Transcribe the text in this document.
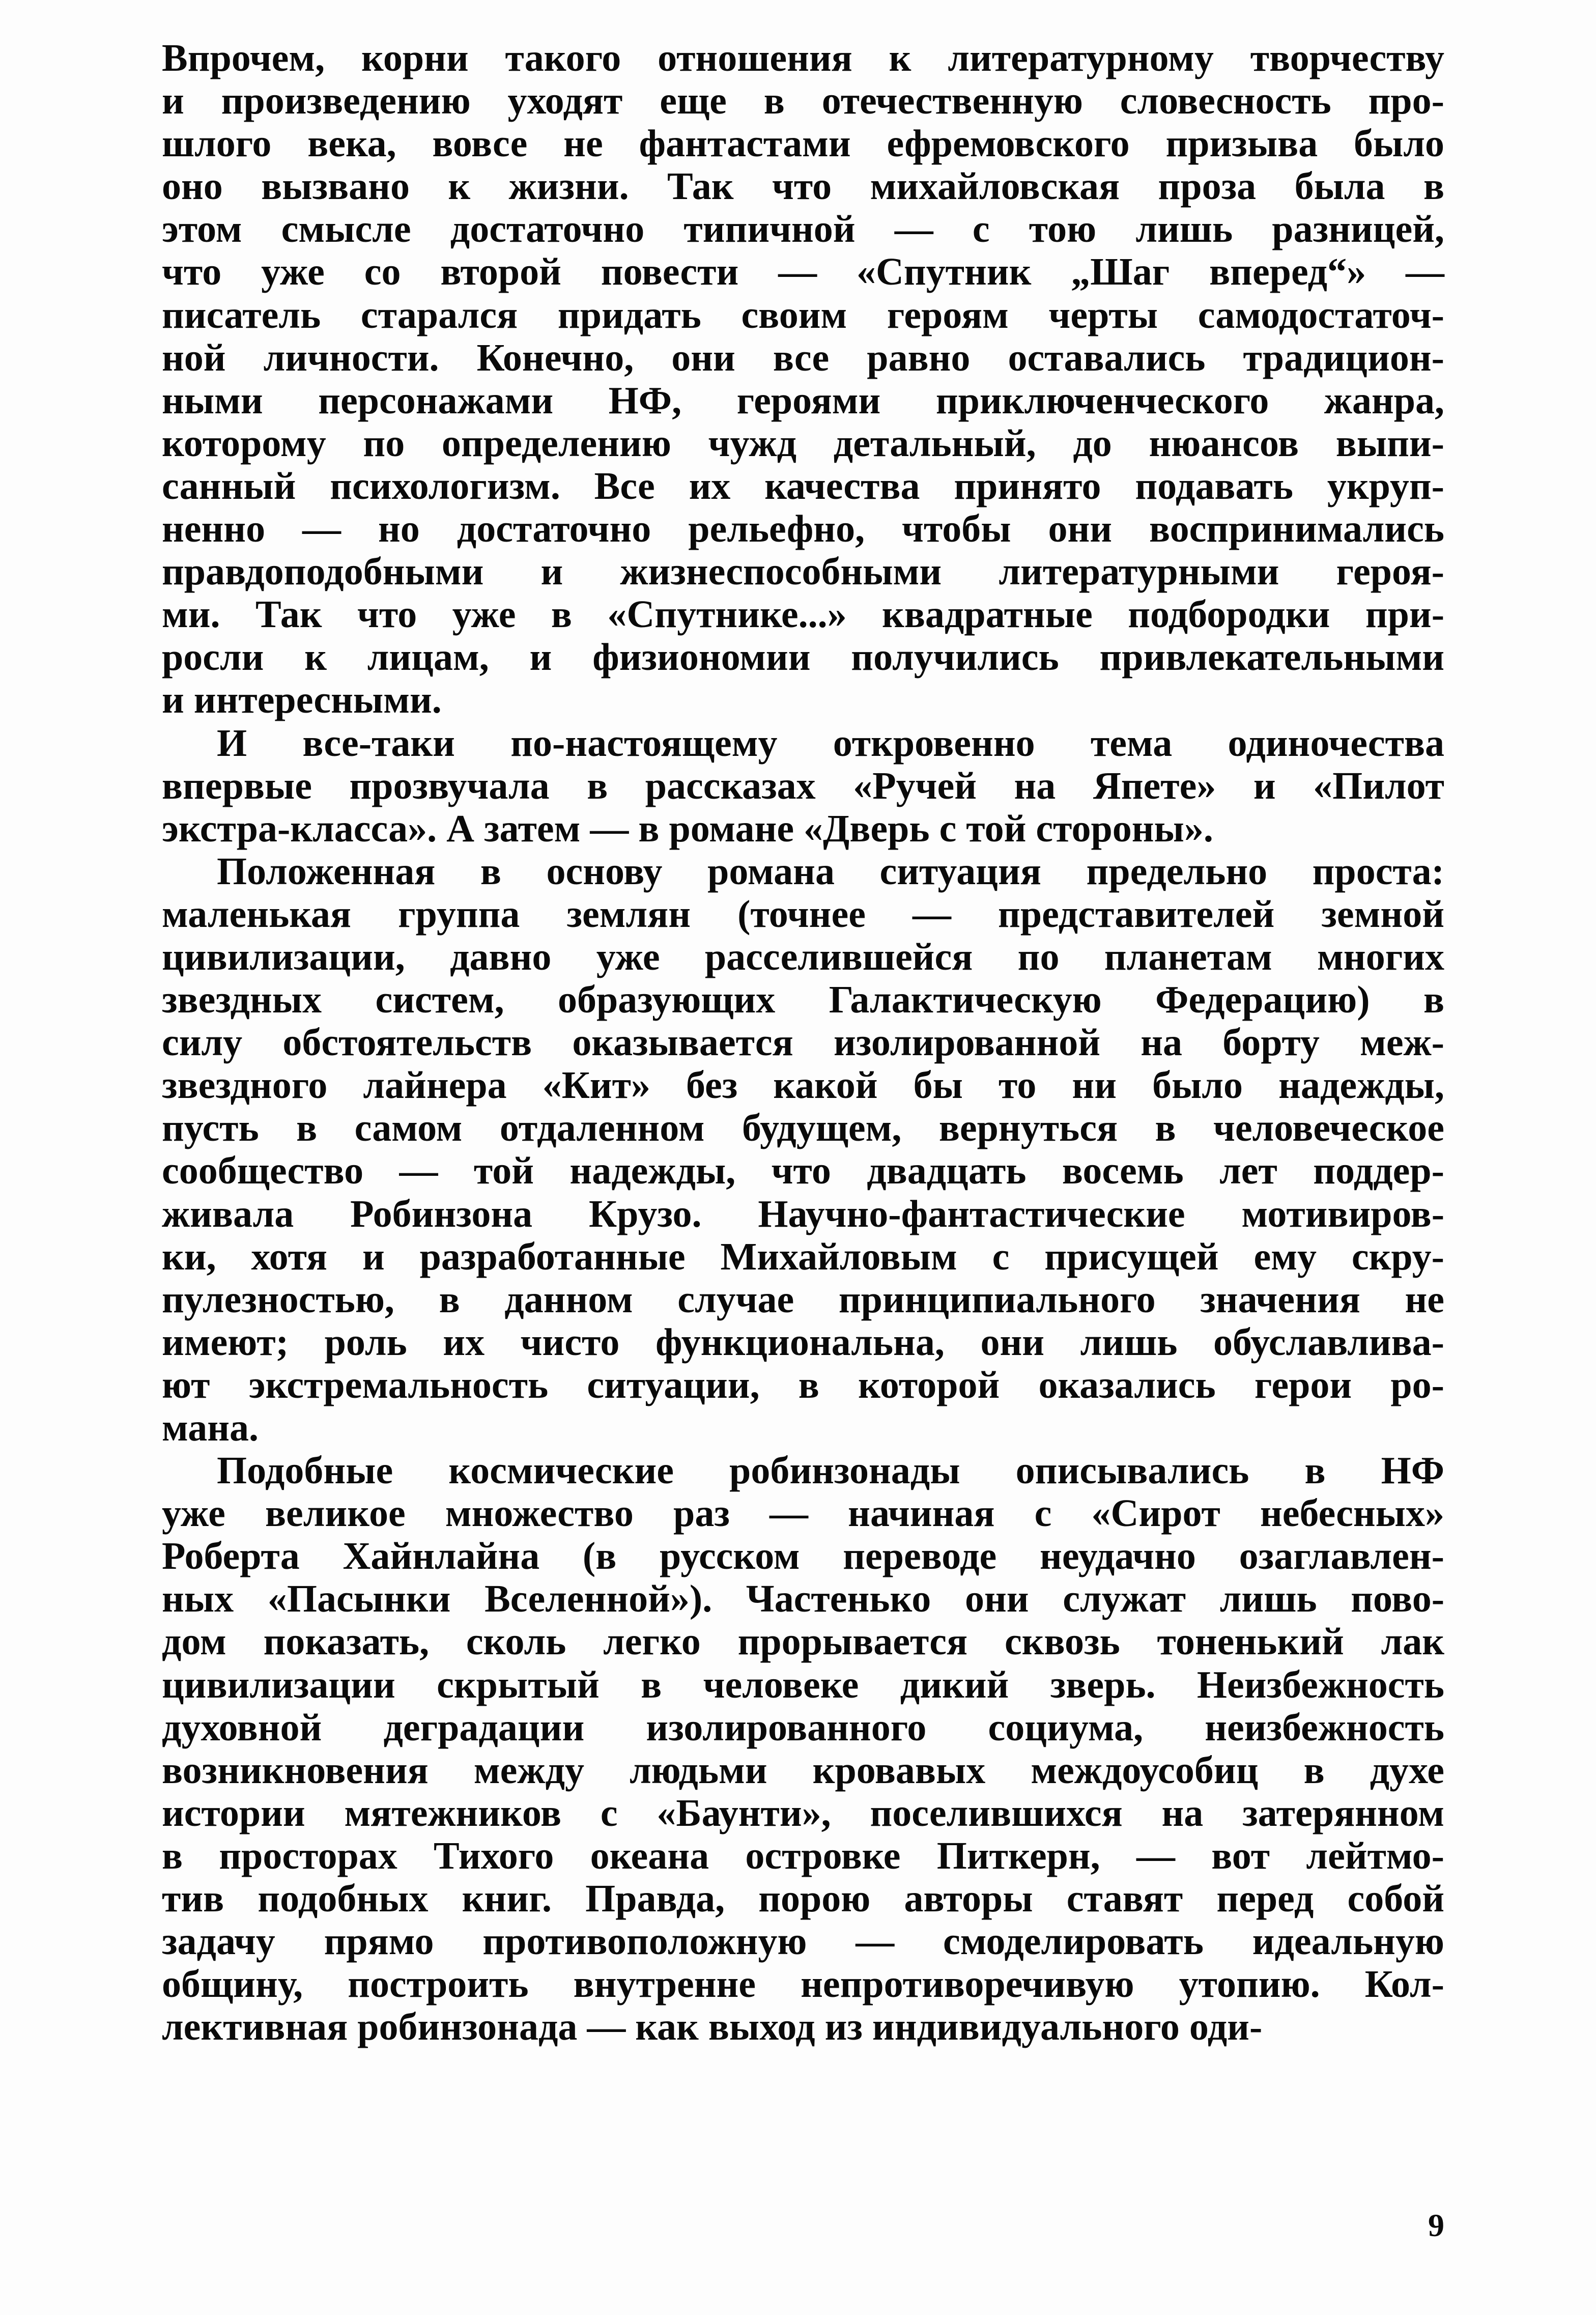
Впрочем, корни такого отношения к литературному творчеству
и произведению уходят еще в отечественную словесность про-
шлого века, вовсе не фантастами ефремовского призыва было
оно вызвано к жизни. Так что михайловская проза была в
этом смысле достаточно типичной — с тою лишь разницей,
что уже со второй повести — «Спутник „Шаг вперед“» —
писатель старался придать своим героям черты самодостаточ-
ной личности. Конечно, они все равно оставались традицион-
ными персонажами НФ, героями приключенческого жанра,
которому по определению чужд детальный, до нюансов выпи-
санный психологизм. Все их качества принято подавать укруп-
ненно — но достаточно рельефно, чтобы они воспринимались
правдоподобными и жизнеспособными литературными героя-
ми. Так что уже в «Спутнике...» квадратные подбородки при-
росли к лицам, и физиономии получились привлекательными
и интересными.
И все-таки по-настоящему откровенно тема одиночества
впервые прозвучала в рассказах «Ручей на Япете» и «Пилот
экстра-класса». А затем — в романе «Дверь с той стороны».
Положенная в основу романа ситуация предельно проста:
маленькая группа землян (точнее — представителей земной
цивилизации, давно уже расселившейся по планетам многих
звездных систем, образующих Галактическую Федерацию) в
силу обстоятельств оказывается изолированной на борту меж-
звездного лайнера «Кит» без какой бы то ни было надежды,
пусть в самом отдаленном будущем, вернуться в человеческое
сообщество — той надежды, что двадцать восемь лет поддер-
живала Робинзона Крузо. Научно-фантастические мотивиров-
ки, хотя и разработанные Михайловым с присущей ему скру-
пулезностью, в данном случае принципиального значения не
имеют; роль их чисто функциональна, они лишь обуславлива-
ют экстремальность ситуации, в которой оказались герои ро-
мана.
Подобные космические робинзонады описывались в НФ
уже великое множество раз — начиная с «Сирот небесных»
Роберта Хайнлайна (в русском переводе неудачно озаглавлен-
ных «Пасынки Вселенной»). Частенько они служат лишь пово-
дом показать, сколь легко прорывается сквозь тоненький лак
цивилизации скрытый в человеке дикий зверь. Неизбежность
духовной деградации изолированного социума, неизбежность
возникновения между людьми кровавых междоусобиц в духе
истории мятежников с «Баунти», поселившихся на затерянном
в просторах Тихого океана островке Питкерн, — вот лейтмо-
тив подобных книг. Правда, порою авторы ставят перед собой
задачу прямо противоположную — смоделировать идеальную
общину, построить внутренне непротиворечивую утопию. Кол-
лективная робинзонада — как выход из индивидуального оди-
9
